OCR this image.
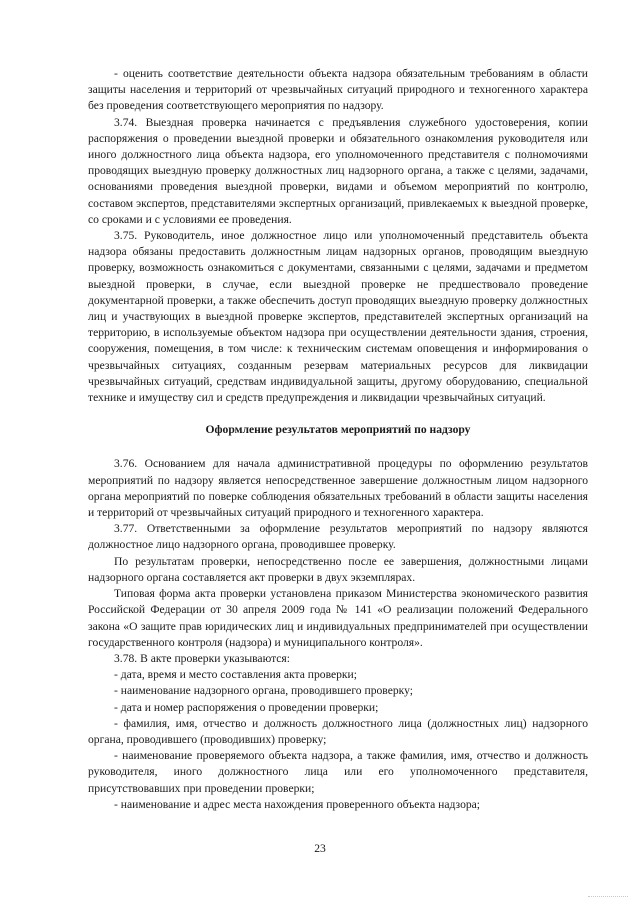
- оценить соответствие деятельности объекта надзора обязательным требованиям в области защиты населения и территорий от чрезвычайных ситуаций природного и техногенного характера без проведения соответствующего мероприятия по надзору.

3.74. Выездная проверка начинается с предъявления служебного удостоверения, копии распоряжения о проведении выездной проверки и обязательного ознакомления руководителя или иного должностного лица объекта надзора, его уполномоченного представителя с полномочиями проводящих выездную проверку должностных лиц надзорного органа, а также с целями, задачами, основаниями проведения выездной проверки, видами и объемом мероприятий по контролю, составом экспертов, представителями экспертных организаций, привлекаемых к выездной проверке, со сроками и с условиями ее проведения.

3.75. Руководитель, иное должностное лицо или уполномоченный представитель объекта надзора обязаны предоставить должностным лицам надзорных органов, проводящим выездную проверку, возможность ознакомиться с документами, связанными с целями, задачами и предметом выездной проверки, в случае, если выездной проверке не предшествовало проведение документарной проверки, а также обеспечить доступ проводящих выездную проверку должностных лиц и участвующих в выездной проверке экспертов, представителей экспертных организаций на территорию, в используемые объектом надзора при осуществлении деятельности здания, строения, сооружения, помещения, в том числе: к техническим системам оповещения и информирования о чрезвычайных ситуациях, созданным резервам материальных ресурсов для ликвидации чрезвычайных ситуаций, средствам индивидуальной защиты, другому оборудованию, специальной технике и имуществу сил и средств предупреждения и ликвидации чрезвычайных ситуаций.

Оформление результатов мероприятий по надзору

3.76. Основанием для начала административной процедуры по оформлению результатов мероприятий по надзору является непосредственное завершение должностным лицом надзорного органа мероприятий по поверке соблюдения обязательных требований в области защиты населения и территорий от чрезвычайных ситуаций природного и техногенного характера.

3.77. Ответственными за оформление результатов мероприятий по надзору являются должностное лицо надзорного органа, проводившее проверку.

По результатам проверки, непосредственно после ее завершения, должностными лицами надзорного органа составляется акт проверки в двух экземплярах.

Типовая форма акта проверки установлена приказом Министерства экономического развития Российской Федерации от 30 апреля 2009 года № 141 «О реализации положений Федерального закона «О защите прав юридических лиц и индивидуальных предпринимателей при осуществлении государственного контроля (надзора) и муниципального контроля».

3.78. В акте проверки указываются:

- дата, время и место составления акта проверки;

- наименование надзорного органа, проводившего проверку;

- дата и номер распоряжения о проведении проверки;

- фамилия, имя, отчество и должность должностного лица (должностных лиц) надзорного органа, проводившего (проводивших) проверку;

- наименование проверяемого объекта надзора, а также фамилия, имя, отчество и должность руководителя, иного должностного лица или его уполномоченного представителя, присутствовавших при проведении проверки;

- наименование и адрес места нахождения проверенного объекта надзора;

23
